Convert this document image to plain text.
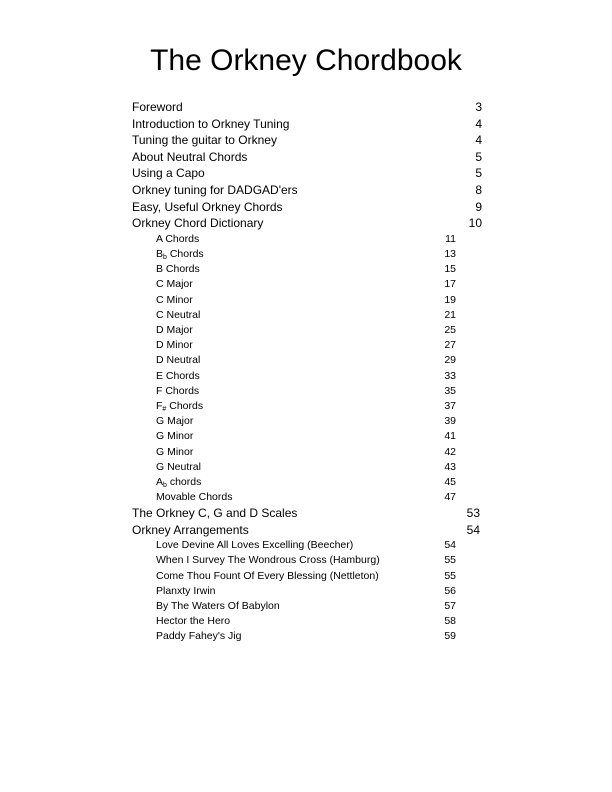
The Orkney Chordbook
Foreword	3
Introduction to Orkney Tuning	4
Tuning the guitar to Orkney	4
About Neutral Chords	5
Using a Capo	5
Orkney tuning for DADGAD'ers	8
Easy, Useful Orkney Chords	9
Orkney Chord Dictionary	10
A Chords	11
$B_b$ Chords	13
B Chords	15
C Major	17
C Minor	19
C Neutral	21
D Major	25
D Minor	27
D Neutral	29
E Chords	33
F Chords	35
$F_{\#}$ Chords	37
G Major	39
G Minor	41
G Minor	42
G Neutral	43
$A_b$ chords	45
Movable Chords	47
The Orkney C, G and D Scales	53
Orkney Arrangements	54
Love Devine All Loves Excelling (Beecher)	54
When I Survey The Wondrous Cross (Hamburg)	55
Come Thou Fount Of Every Blessing (Nettleton)	55
Planxty Irwin	56
By The Waters Of Babylon	57
Hector the Hero	58
Paddy Fahey's Jig	59
